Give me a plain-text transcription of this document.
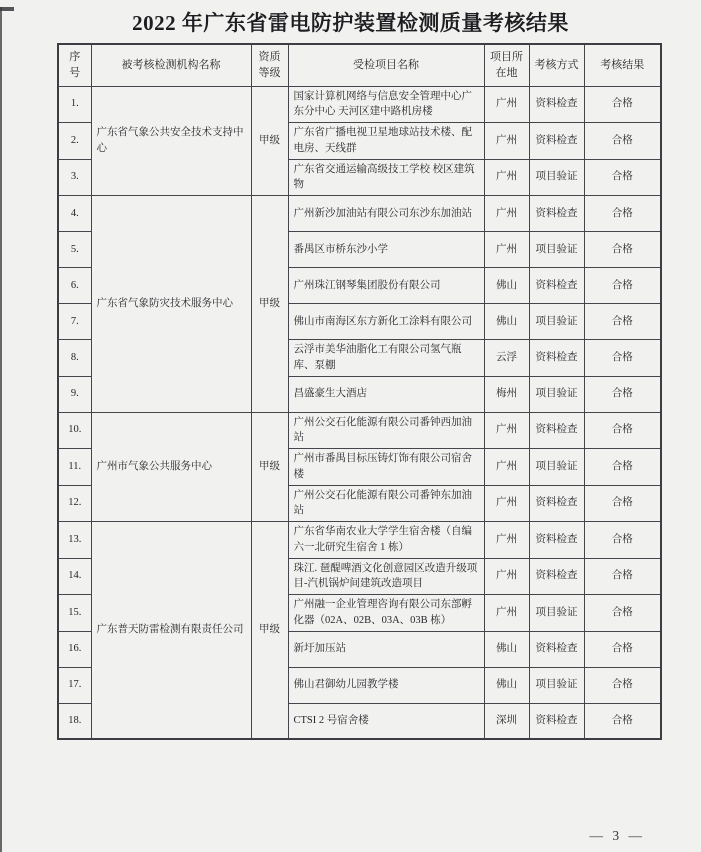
2022 年广东省雷电防护装置检测质量考核结果
序号	被考核检测机构名称	资质等级	受检项目名称	项目所在地	考核方式	考核结果
1.	广东省气象公共安全技术支持中心	甲级	国家计算机网络与信息安全管理中心广东分中心 天河区建中路机房楼	广州	资料检查	合格
2.			广东省广播电视卫星地球站技术楼、配电房、天线群	广州	资料检查	合格
3.			广东省交通运输高级技工学校 校区建筑物	广州	项目验证	合格
4.	广东省气象防灾技术服务中心	甲级	广州新沙加油站有限公司东沙东加油站	广州	资料检查	合格
5.			番禺区市桥东沙小学	广州	项目验证	合格
6.			广州珠江钢琴集团股份有限公司	佛山	资料检查	合格
7.			佛山市南海区东方新化工涂料有限公司	佛山	项目验证	合格
8.			云浮市美华油脂化工有限公司氢气瓶库、泵棚	云浮	资料检查	合格
9.			昌盛豪生大酒店	梅州	项目验证	合格
10.	广州市气象公共服务中心	甲级	广州公交石化能源有限公司番钟西加油站	广州	资料检查	合格
11.			广州市番禺目标压铸灯饰有限公司宿舍楼	广州	项目验证	合格
12.			广州公交石化能源有限公司番钟东加油站	广州	资料检查	合格
13.	广东普天防雷检测有限责任公司	甲级	广东省华南农业大学学生宿舍楼（自编六一北研究生宿舍 1 栋）	广州	资料检查	合格
14.			珠江. 琶醍啤酒文化创意园区改造升级项目-汽机锅炉间建筑改造项目	广州	资料检查	合格
15.			广州融一企业管理咨询有限公司东部孵化器（02A、02B、03A、03B 栋）	广州	项目验证	合格
16.			新圩加压站	佛山	资料检查	合格
17.			佛山君御幼儿园教学楼	佛山	项目验证	合格
18.			CTSI 2 号宿舍楼	深圳	资料检查	合格
— 3 —
